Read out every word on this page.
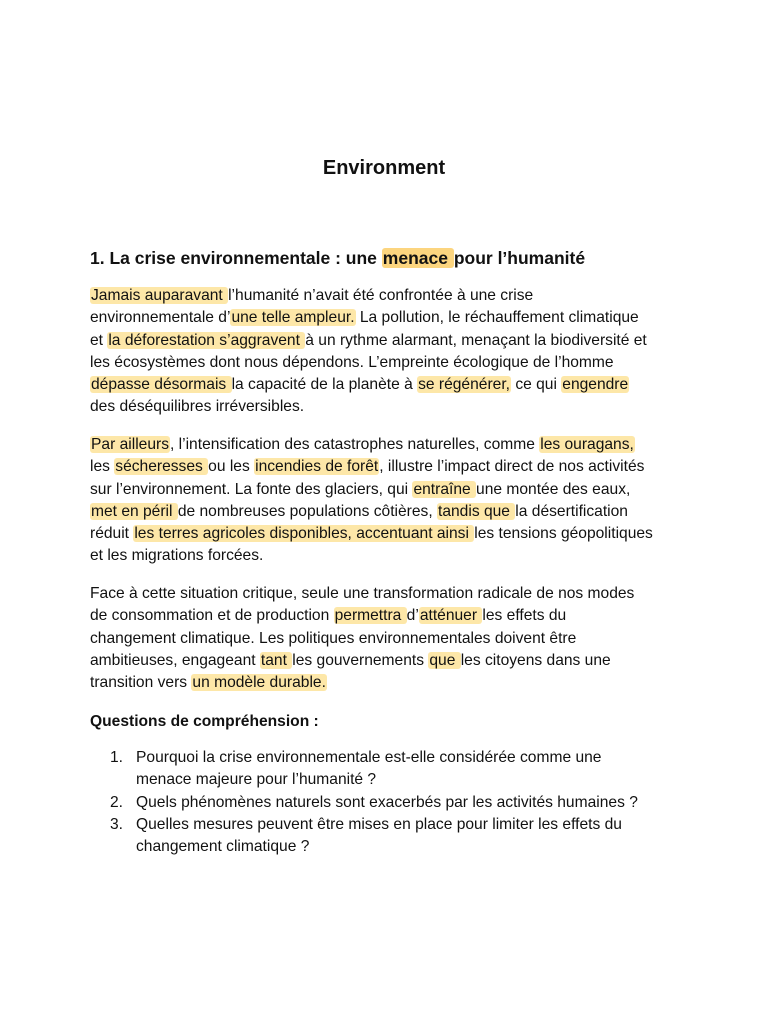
Environment
1. La crise environnementale : une menace pour l’humanité

Jamais auparavant l’humanité n’avait été confrontée à une crise
environnementale d’une telle ampleur. La pollution, le réchauffement climatique
et la déforestation s’aggravent à un rythme alarmant, menaçant la biodiversité et
les écosystèmes dont nous dépendons. L’empreinte écologique de l’homme
dépasse désormais la capacité de la planète à se régénérer, ce qui engendre
des déséquilibres irréversibles.

Par ailleurs, l’intensification des catastrophes naturelles, comme les ouragans,
les sécheresses ou les incendies de forêt, illustre l’impact direct de nos activités
sur l’environnement. La fonte des glaciers, qui entraîne une montée des eaux,
met en péril de nombreuses populations côtières, tandis que la désertification
réduit les terres agricoles disponibles, accentuant ainsi les tensions géopolitiques
et les migrations forcées.

Face à cette situation critique, seule une transformation radicale de nos modes
de consommation et de production permettra d’atténuer les effets du
changement climatique. Les politiques environnementales doivent être
ambitieuses, engageant tant les gouvernements que les citoyens dans une
transition vers un modèle durable.

Questions de compréhension :
1. Pourquoi la crise environnementale est-elle considérée comme une
menace majeure pour l’humanité ?
2. Quels phénomènes naturels sont exacerbés par les activités humaines ?
3. Quelles mesures peuvent être mises en place pour limiter les effets du
changement climatique ?
